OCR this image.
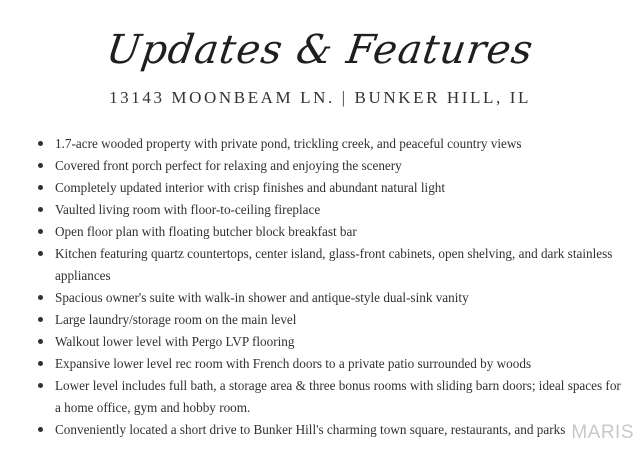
Updates & Features
13143 MOONBEAM LN. | BUNKER HILL, IL
1.7-acre wooded property with private pond, trickling creek, and peaceful country views
Covered front porch perfect for relaxing and enjoying the scenery
Completely updated interior with crisp finishes and abundant natural light
Vaulted living room with floor-to-ceiling fireplace
Open floor plan with floating butcher block breakfast bar
Kitchen featuring quartz countertops, center island, glass-front cabinets, open shelving, and dark stainless appliances
Spacious owner's suite with walk-in shower and antique-style dual-sink vanity
Large laundry/storage room on the main level
Walkout lower level with Pergo LVP flooring
Expansive lower level rec room with French doors to a private patio surrounded by woods
Lower level includes full bath, a storage area & three bonus rooms with sliding barn doors; ideal spaces for a home office, gym and hobby room.
Conveniently located a short drive to Bunker Hill's charming town square, restaurants, and parks MARIS
